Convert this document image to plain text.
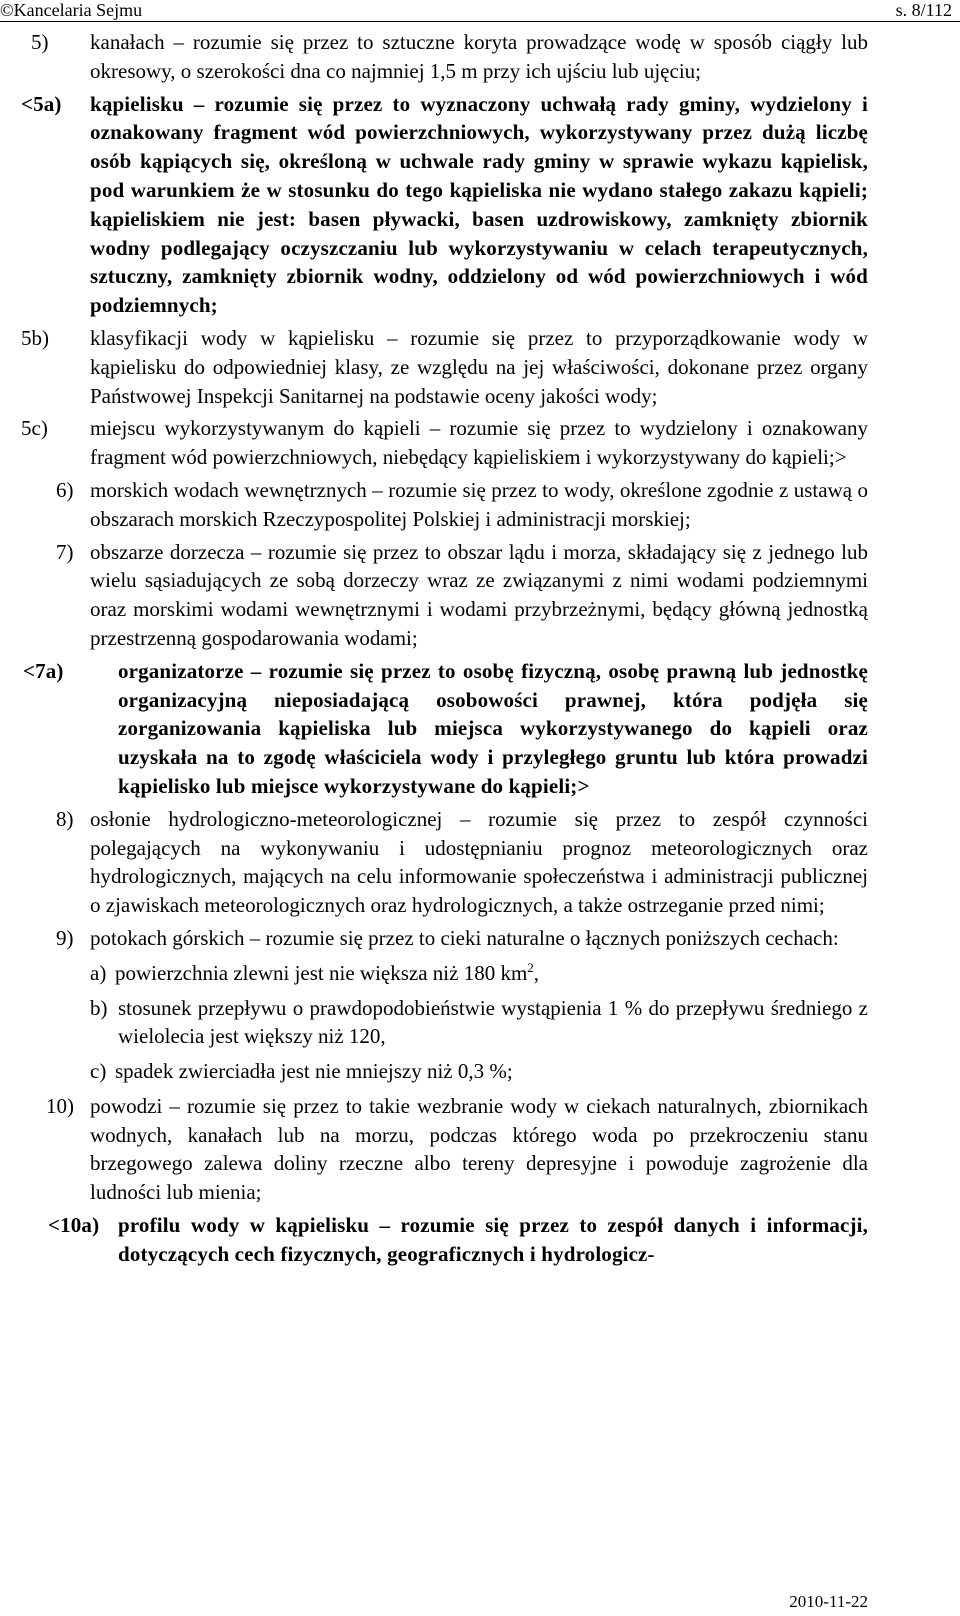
©Kancelaria Sejmu	s. 8/112
5) kanałach – rozumie się przez to sztuczne koryta prowadzące wodę w sposób ciągły lub okresowy, o szerokości dna co najmniej 1,5 m przy ich ujściu lub ujęciu;
<5a) kąpielisku – rozumie się przez to wyznaczony uchwałą rady gminy, wydzielony i oznakowany fragment wód powierzchniowych, wykorzystywany przez dużą liczbę osób kąpiących się, określoną w uchwale rady gminy w sprawie wykazu kąpielisk, pod warunkiem że w stosunku do tego kąpieliska nie wydano stałego zakazu kąpieli; kąpieliskiem nie jest: basen pływacki, basen uzdrowiskowy, zamknięty zbiornik wodny podlegający oczyszczaniu lub wykorzystywaniu w celach terapeutycznych, sztuczny, zamknięty zbiornik wodny, oddzielony od wód powierzchniowych i wód podziemnych;
5b) klasyfikacji wody w kąpielisku – rozumie się przez to przyporządkowanie wody w kąpielisku do odpowiedniej klasy, ze względu na jej właściwości, dokonane przez organy Państwowej Inspekcji Sanitarnej na podstawie oceny jakości wody;
5c) miejscu wykorzystywanym do kąpieli – rozumie się przez to wydzielony i oznakowany fragment wód powierzchniowych, niebędący kąpieliskiem i wykorzystywany do kąpieli;>
6) morskich wodach wewnętrznych – rozumie się przez to wody, określone zgodnie z ustawą o obszarach morskich Rzeczypospolitej Polskiej i administracji morskiej;
7) obszarze dorzecza – rozumie się przez to obszar lądu i morza, składający się z jednego lub wielu sąsiadujących ze sobą dorzeczy wraz ze związanymi z nimi wodami podziemnymi oraz morskimi wodami wewnętrznymi i wodami przybrzeżnymi, będący główną jednostką przestrzenną gospodarowania wodami;
<7a)	organizatorze – rozumie się przez to osobę fizyczną, osobę prawną lub jednostkę organizacyjną nieposiadającą osobowości prawnej, która podjęła się zorganizowania kąpieliska lub miejsca wykorzystywanego do kąpieli oraz uzyskała na to zgodę właściciela wody i przyległego gruntu lub która prowadzi kąpielisko lub miejsce wykorzystywane do kąpieli;>
8) osłonie hydrologiczno-meteorologicznej – rozumie się przez to zespół czynności polegających na wykonywaniu i udostępnianiu prognoz meteorologicznych oraz hydrologicznych, mających na celu informowanie społeczeństwa i administracji publicznej o zjawiskach meteorologicznych oraz hydrologicznych, a także ostrzeganie przed nimi;
9) potokach górskich – rozumie się przez to cieki naturalne o łącznych poniższych cechach:
a) powierzchnia zlewni jest nie większa niż 180 $km^2$,
b) stosunek przepływu o prawdopodobieństwie wystąpienia 1 % do przepływu średniego z wielolecia jest większy niż 120,
c) spadek zwierciadła jest nie mniejszy niż 0,3 %;
10) powodzi – rozumie się przez to takie wezbranie wody w ciekach naturalnych, zbiornikach wodnych, kanałach lub na morzu, podczas którego woda po przekroczeniu stanu brzegowego zalewa doliny rzeczne albo tereny depresyjne i powoduje zagrożenie dla ludności lub mienia;
<10a) profilu wody w kąpielisku – rozumie się przez to zespół danych i informacji, dotyczących cech fizycznych, geograficznych i hydrologicz-
2010-11-22
